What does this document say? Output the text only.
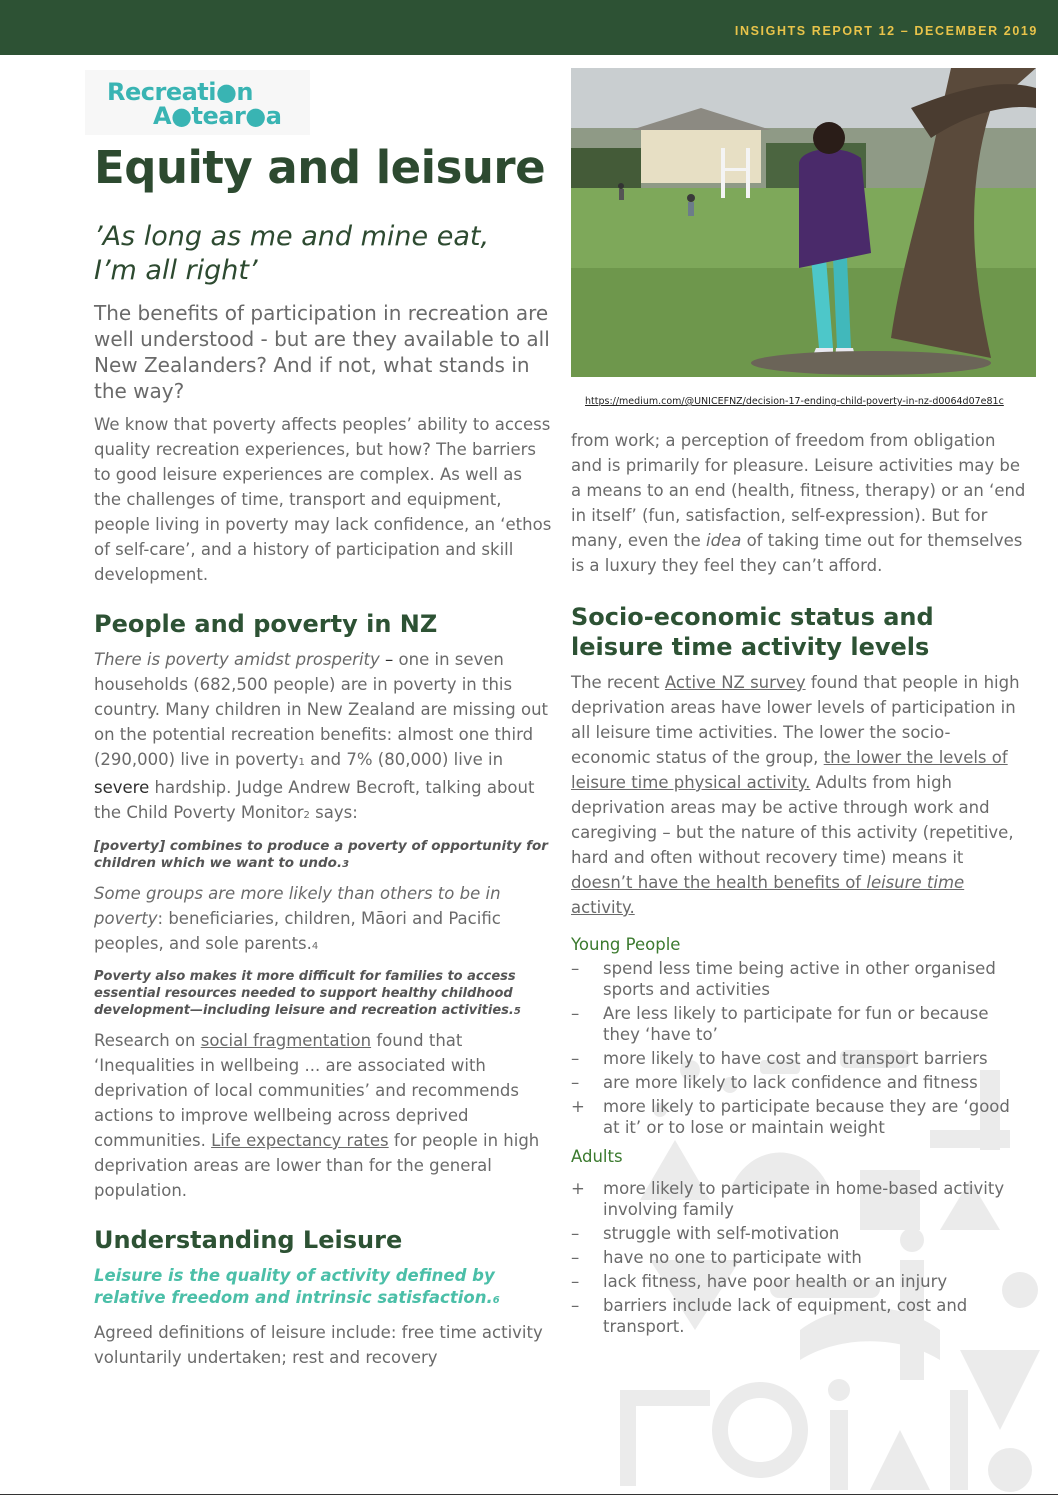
INSIGHTS REPORT 12 – DECEMBER 2019
Recreati●n
A●tear●a
Equity and leisure
’As long as me and mine eat,
I’m all right’

The benefits of participation in recreation are well understood - but are they available to all New Zealanders? And if not, what stands in the way?

We know that poverty affects peoples’ ability to access quality recreation experiences, but how? The barriers to good leisure experiences are complex. As well as the challenges of time, transport and equipment, people living in poverty may lack confidence, an ‘ethos of self-care’, and a history of participation and skill development.

People and poverty in NZ

There is poverty amidst prosperity – one in seven households (682,500 people) are in poverty in this country. Many children in New Zealand are missing out on the potential recreation benefits: almost one third (290,000) live in poverty1 and 7% (80,000) live in severe hardship. Judge Andrew Becroft, talking about the Child Poverty Monitor2 says:

[poverty] combines to produce a poverty of opportunity for children which we want to undo.3

Some groups are more likely than others to be in poverty: beneficiaries, children, Māori and Pacific peoples, and sole parents.4

Poverty also makes it more difficult for families to access essential resources needed to support healthy childhood development—including leisure and recreation activities.5

Research on social fragmentation found that ‘Inequalities in wellbeing ... are associated with deprivation of local communities’ and recommends actions to improve wellbeing across deprived communities. Life expectancy rates for people in high deprivation areas are lower than for the general population.

Understanding Leisure

Leisure is the quality of activity defined by relative freedom and intrinsic satisfaction.6

Agreed definitions of leisure include: free time activity voluntarily undertaken; rest and recovery

https://medium.com/@UNICEFNZ/decision-17-ending-child-poverty-in-nz-d0064d07e81c

from work; a perception of freedom from obligation and is primarily for pleasure. Leisure activities may be a means to an end (health, fitness, therapy) or an ‘end in itself’ (fun, satisfaction, self-expression). But for many, even the idea of taking time out for themselves is a luxury they feel they can’t afford.

Socio-economic status and leisure time activity levels

The recent Active NZ survey found that people in high deprivation areas have lower levels of participation in all leisure time activities. The lower the socio-economic status of the group, the lower the levels of leisure time physical activity. Adults from high deprivation areas may be active through work and caregiving – but the nature of this activity (repetitive, hard and often without recovery time) means it doesn’t have the health benefits of leisure time activity.

Young People
–	spend less time being active in other organised sports and activities
–	Are less likely to participate for fun or because they ‘have to’
–	more likely to have cost and transport barriers
–	are more likely to lack confidence and fitness
+	more likely to participate because they are ‘good at it’ or to lose or maintain weight
Adults
+	more likely to participate in home-based activity involving family
–	struggle with self-motivation
–	have no one to participate with
–	lack fitness, have poor health or an injury
–	barriers include lack of equipment, cost and transport.
